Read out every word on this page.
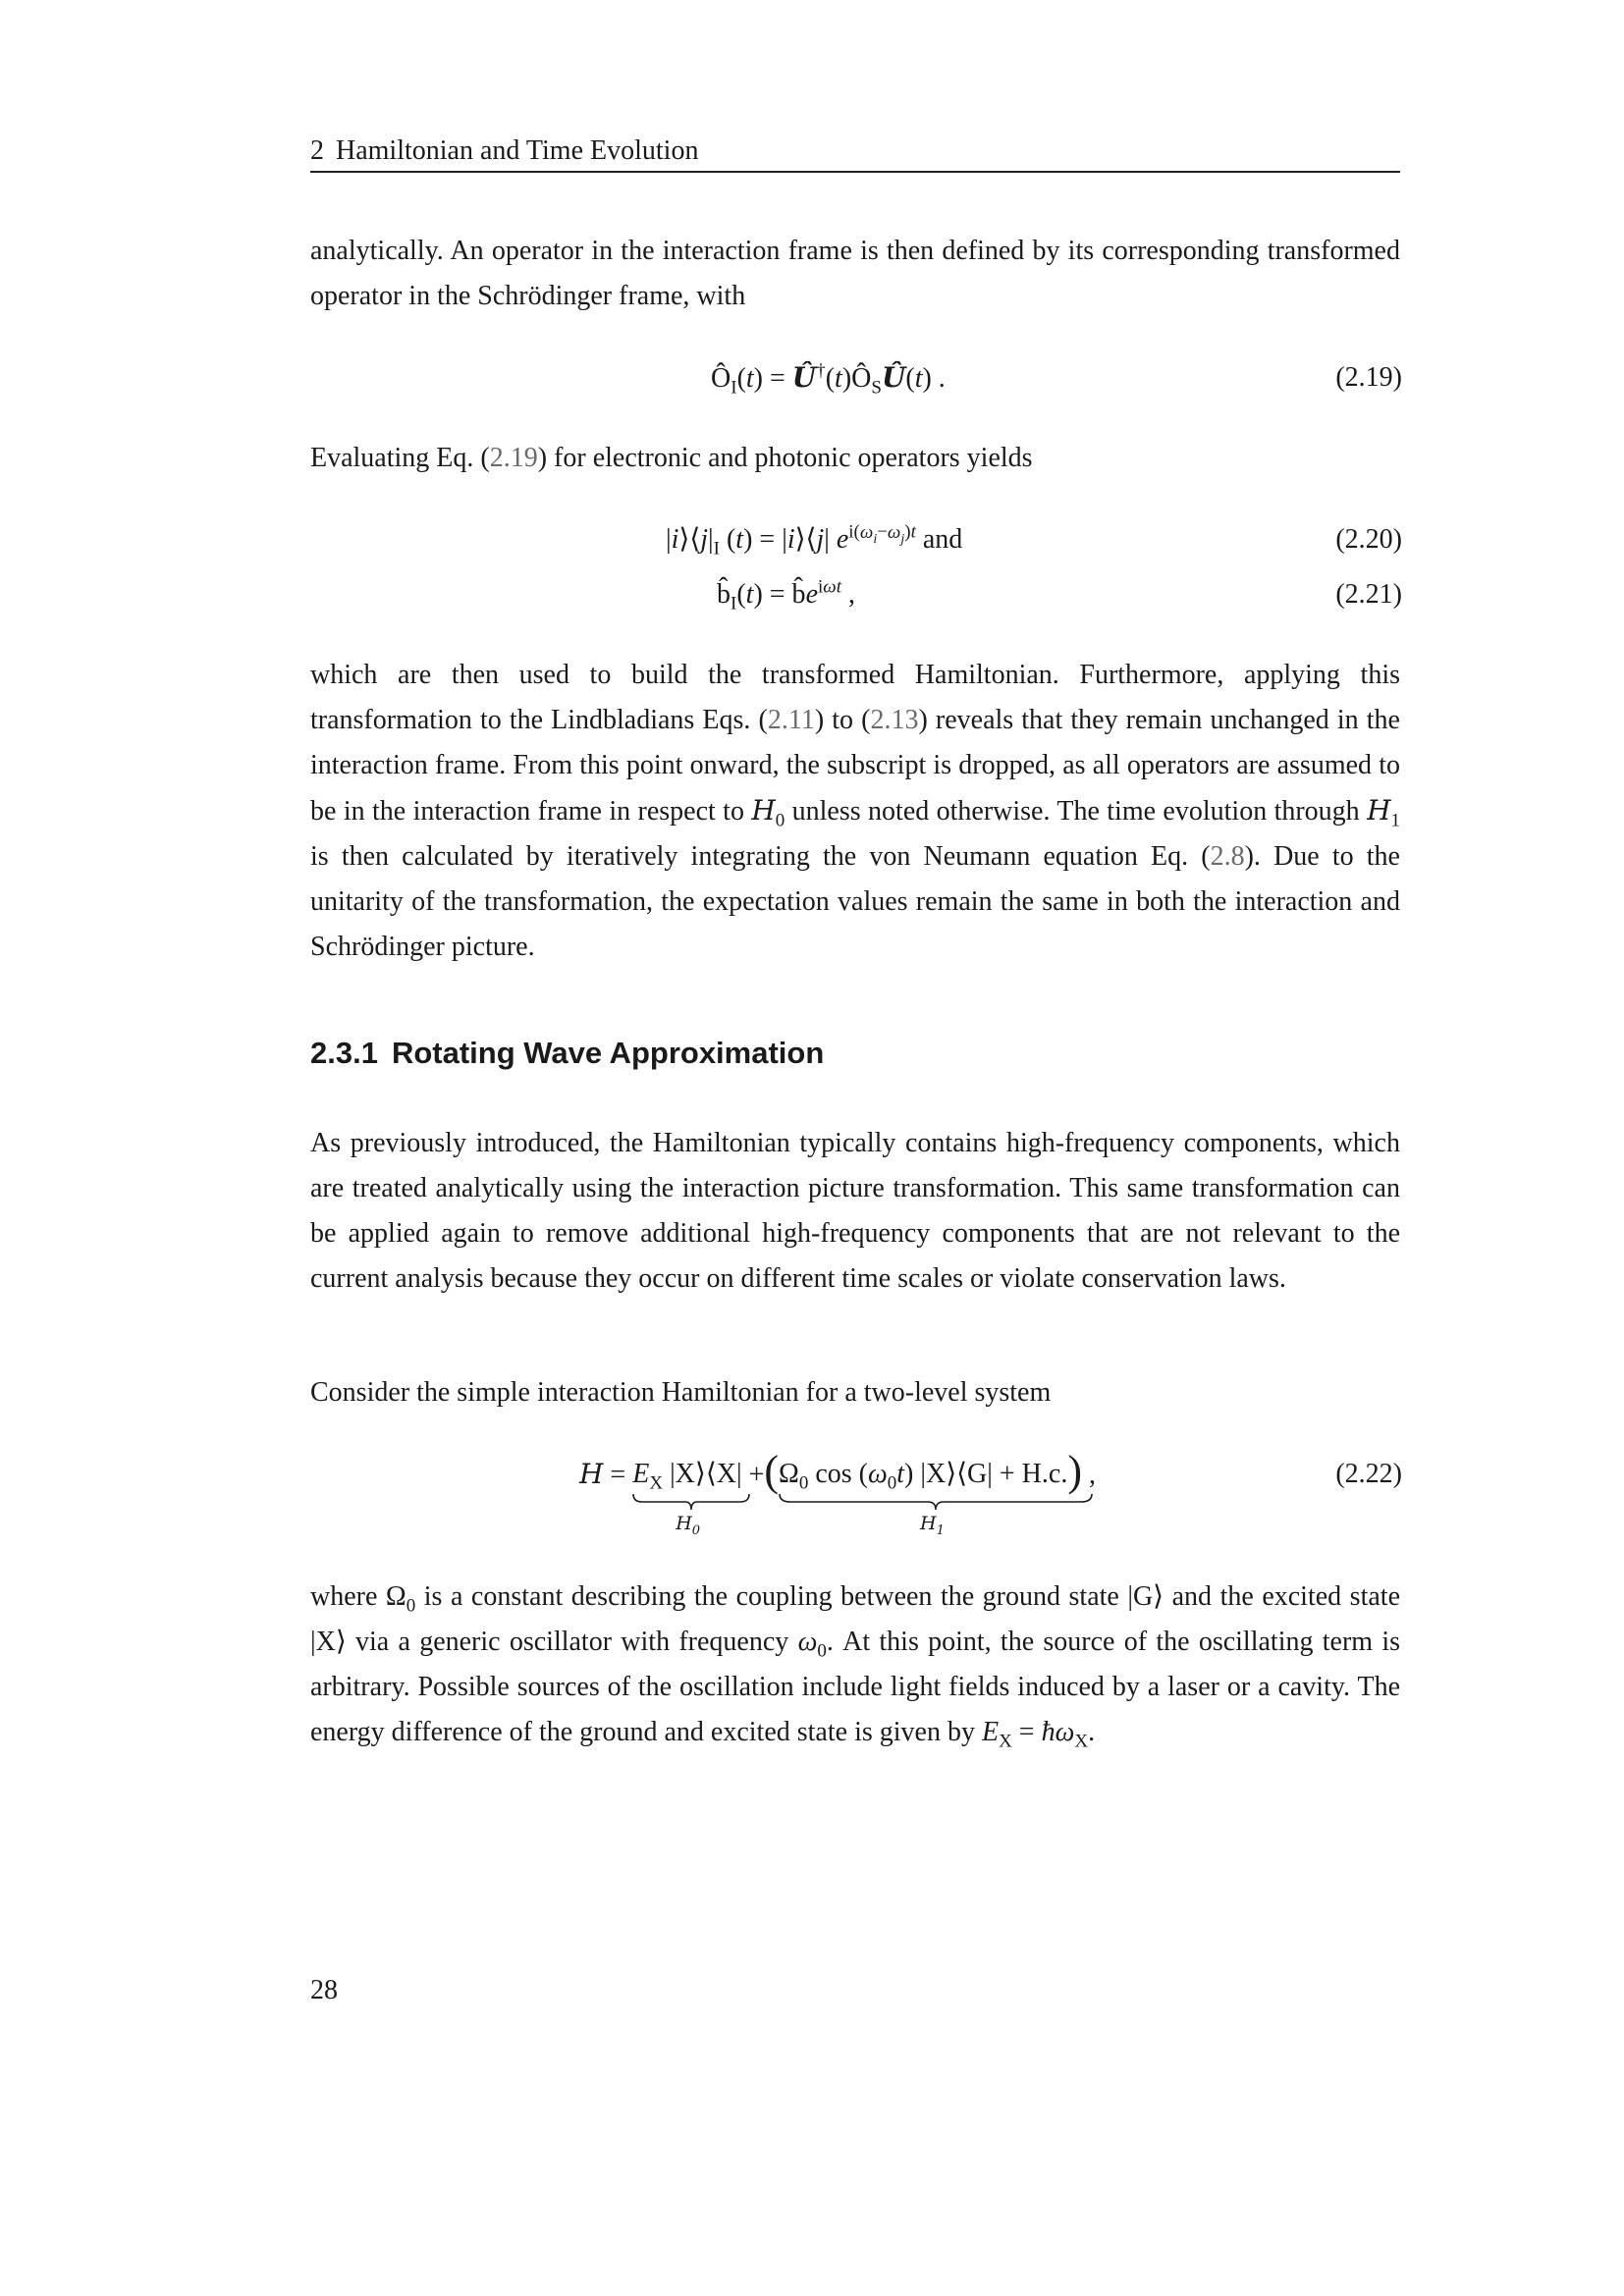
2 Hamiltonian and Time Evolution

analytically. An operator in the interaction frame is then defined by its corresponding transformed operator in the Schrödinger frame, with

$Ô_I(t)$ = $Û^\dagger(t)Ô_SÛ(t)$ .	(2.19)

Evaluating Eq. (2.19) for electronic and photonic operators yields

$|i⟩⟨j|_I$ (t) = |i⟩⟨j| $e^{i(\omega_i-\omega_j)t}$ and	(2.20)
$b̂_I(t)$ = $b̂e^{i\omega t}$ ,	(2.21)

which are then used to build the transformed Hamiltonian. Furthermore, applying this transformation to the Lindbladians Eqs. (2.11) to (2.13) reveals that they remain unchanged in the interaction frame. From this point onward, the subscript is dropped, as all operators are assumed to be in the interaction frame in respect to $H_0$ unless noted otherwise. The time evolution through $H_1$ is then calculated by iteratively integrating the von Neumann equation Eq. (2.8). Due to the unitarity of the transformation, the expectation values remain the same in both the interaction and Schrödinger picture.

2.3.1 Rotating Wave Approximation

As previously introduced, the Hamiltonian typically contains high-frequency components, which are treated analytically using the interaction picture transformation. This same transformation can be applied again to remove additional high-frequency components that are not relevant to the current analysis because they occur on different time scales or violate conservation laws.

Consider the simple interaction Hamiltonian for a two-level system

$H = E_X$ |X⟩⟨X|
$H_0$
$+(\Omega_0$ $\cos (\omega_0t)$ |X⟩⟨G| + H.c.
$H_1$
) ,	(2.22)

where $\Omega_0$ is a constant describing the coupling between the ground state |G⟩ and the excited state |X⟩ via a generic oscillator with frequency $\omega_0$. At this point, the source of the oscillating term is arbitrary. Possible sources of the oscillation include light fields induced by a laser or a cavity. The energy difference of the ground and excited state is given by $E_X$ = $ħ\omega_X$.

28
